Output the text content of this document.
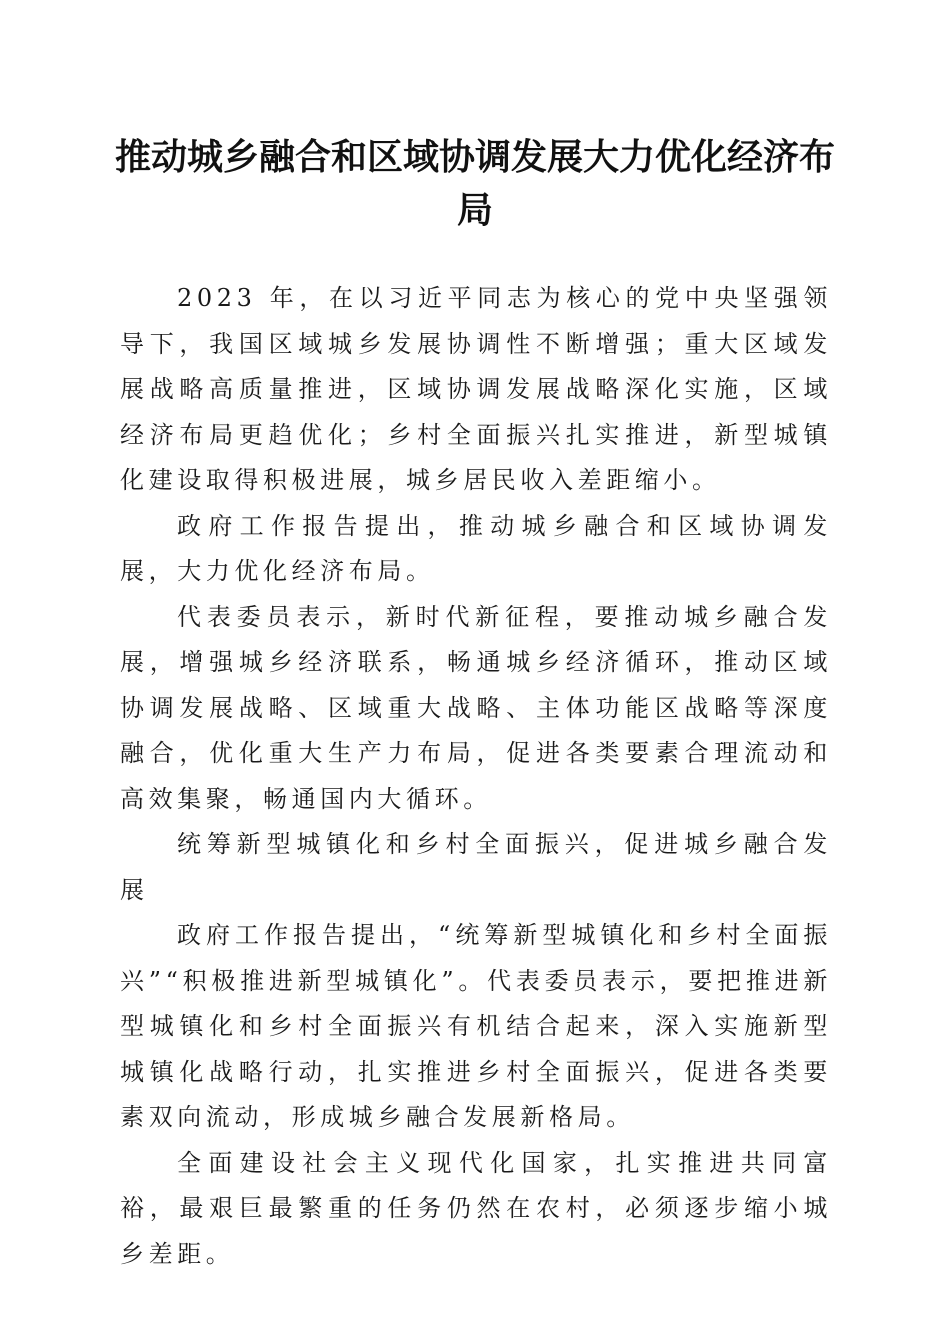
推动城乡融合和区域协调发展大力优化经济布局

2023 年，在以习近平同志为核心的党中央坚强领导下，我国区域城乡发展协调性不断增强；重大区域发展战略高质量推进，区域协调发展战略深化实施，区域经济布局更趋优化；乡村全面振兴扎实推进，新型城镇化建设取得积极进展，城乡居民收入差距缩小。

政府工作报告提出，推动城乡融合和区域协调发展，大力优化经济布局。

代表委员表示，新时代新征程，要推动城乡融合发展，增强城乡经济联系，畅通城乡经济循环，推动区域协调发展战略、区域重大战略、主体功能区战略等深度融合，优化重大生产力布局，促进各类要素合理流动和高效集聚，畅通国内大循环。

统筹新型城镇化和乡村全面振兴，促进城乡融合发展

政府工作报告提出，“统筹新型城镇化和乡村全面振兴”“积极推进新型城镇化”。代表委员表示，要把推进新型城镇化和乡村全面振兴有机结合起来，深入实施新型城镇化战略行动，扎实推进乡村全面振兴，促进各类要素双向流动，形成城乡融合发展新格局。

全面建设社会主义现代化国家，扎实推进共同富裕，最艰巨最繁重的任务仍然在农村，必须逐步缩小城乡差距。
